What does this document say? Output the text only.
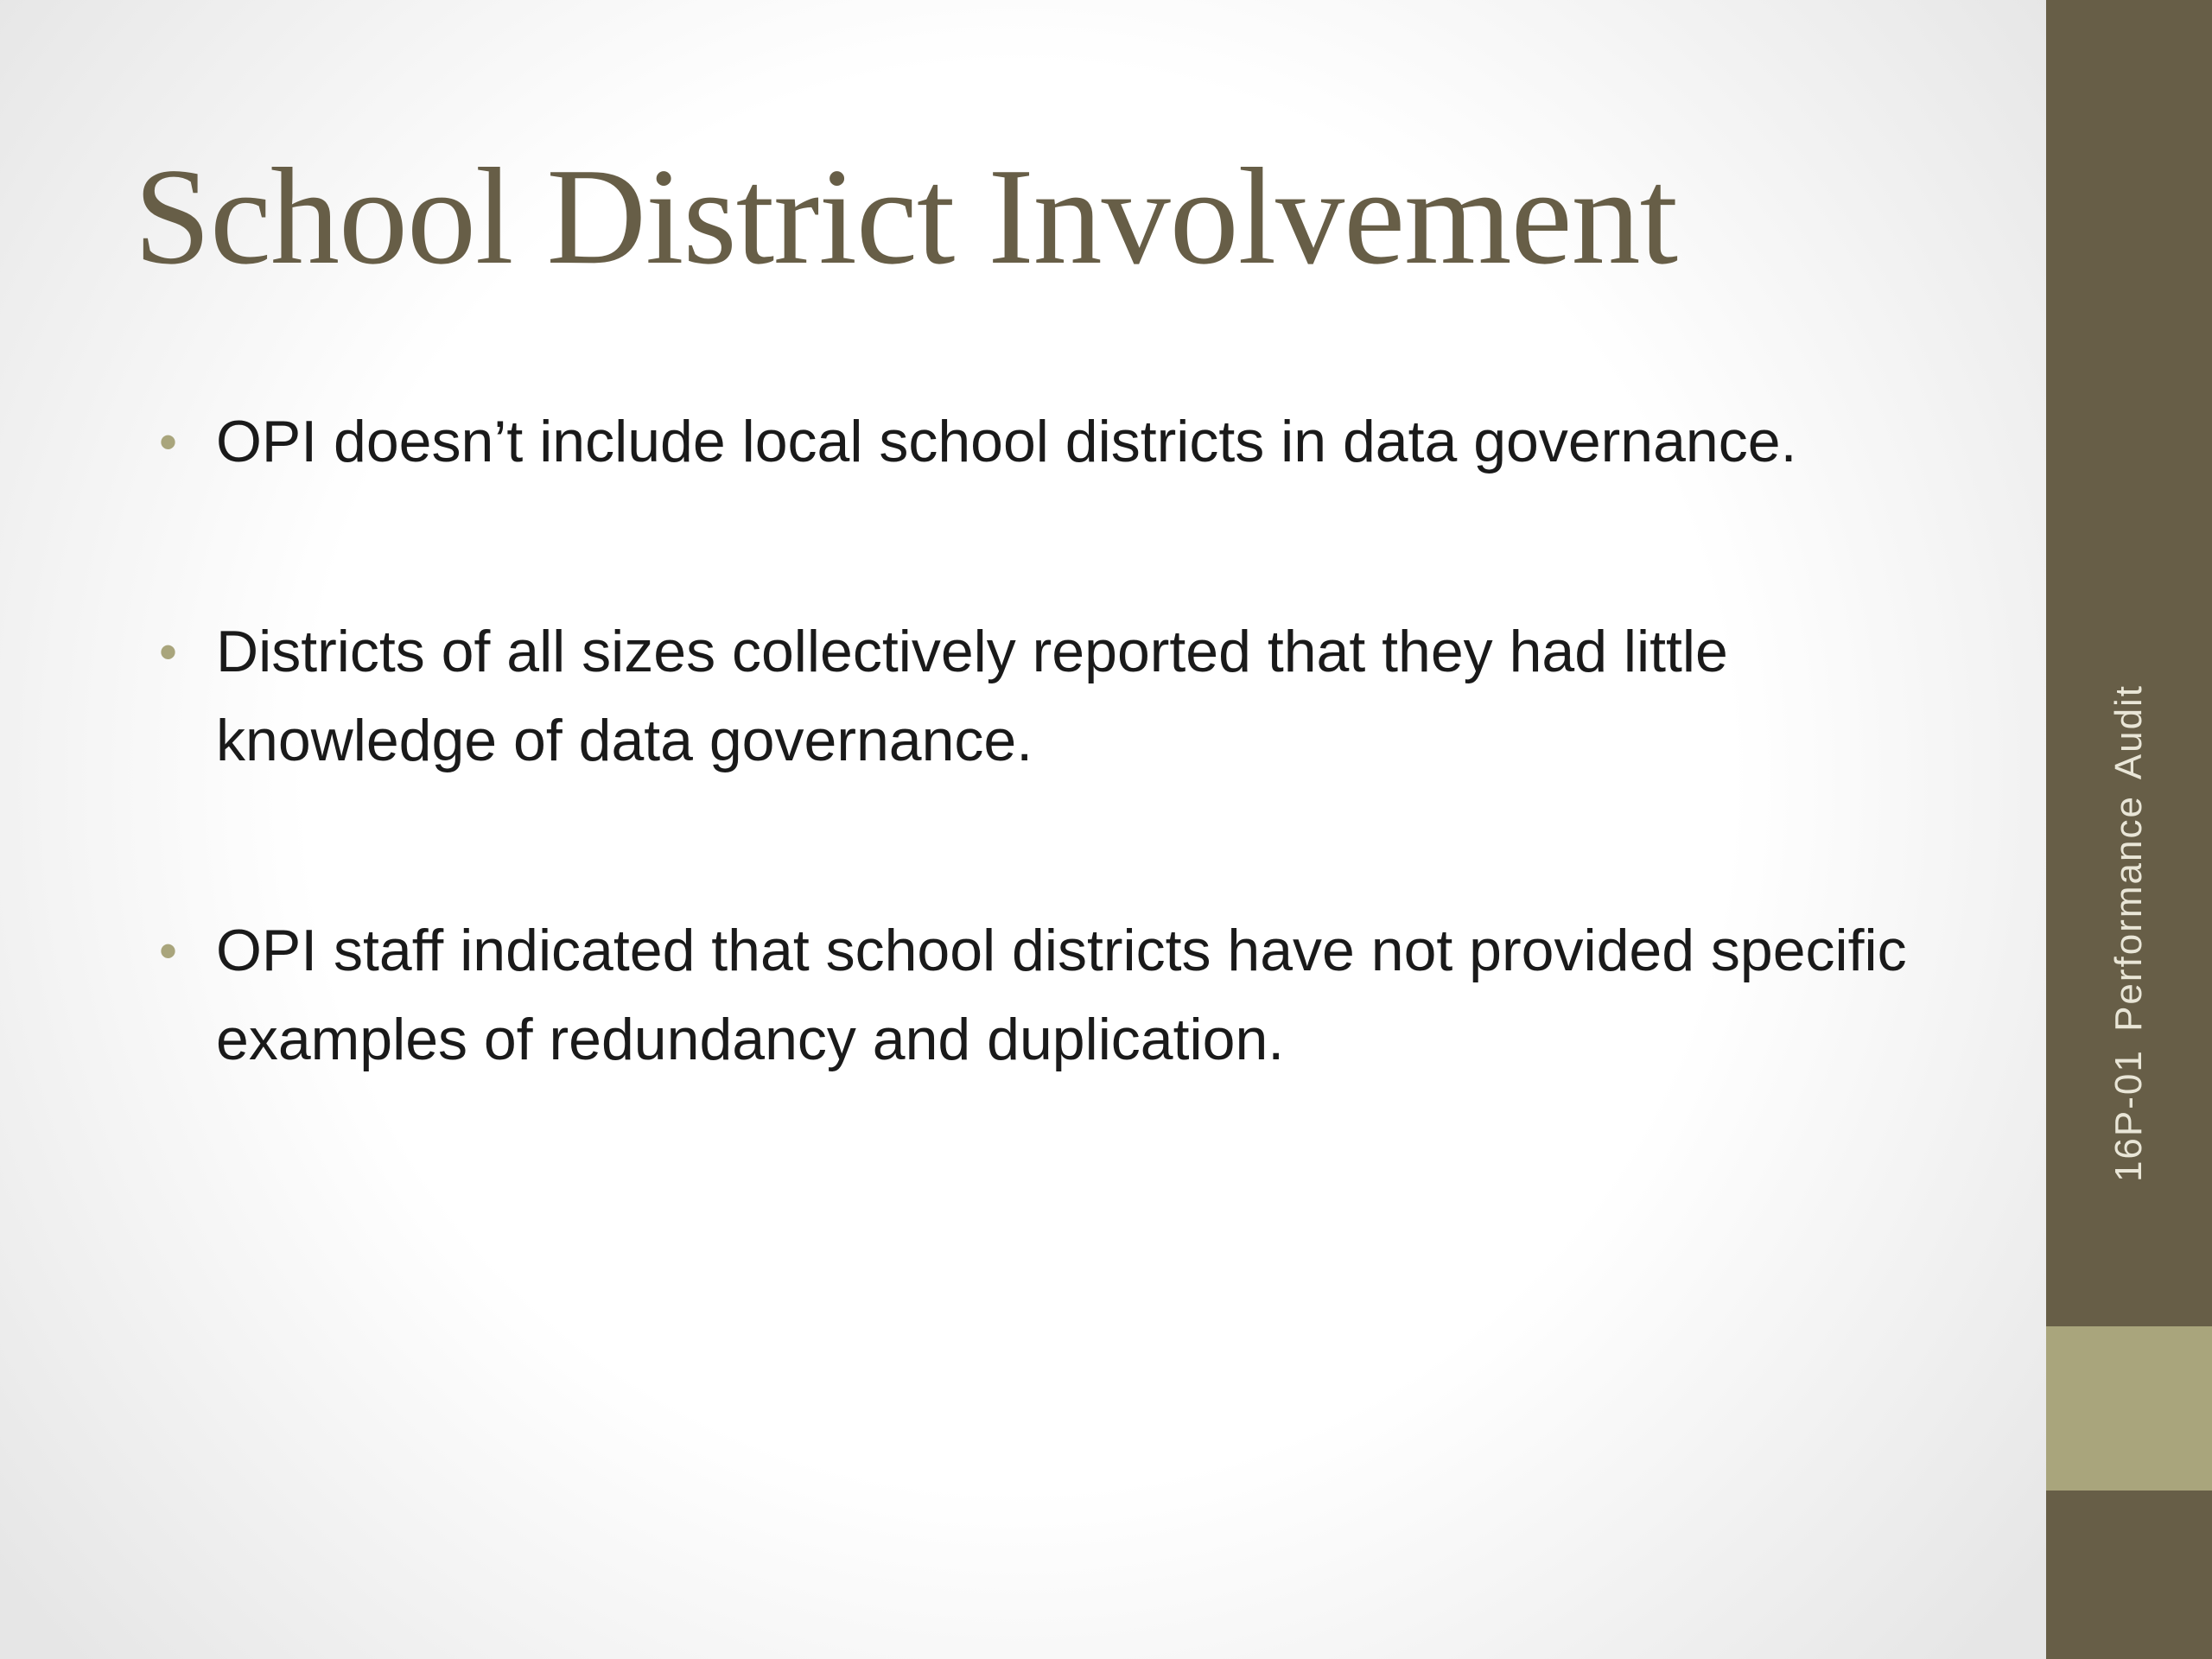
School District Involvement
• OPI doesn’t include local school districts in data governance.
• Districts of all sizes collectively reported that they had little knowledge of data governance.
• OPI staff indicated that school districts have not provided specific examples of redundancy and duplication.	16P-01 Performance Audit
